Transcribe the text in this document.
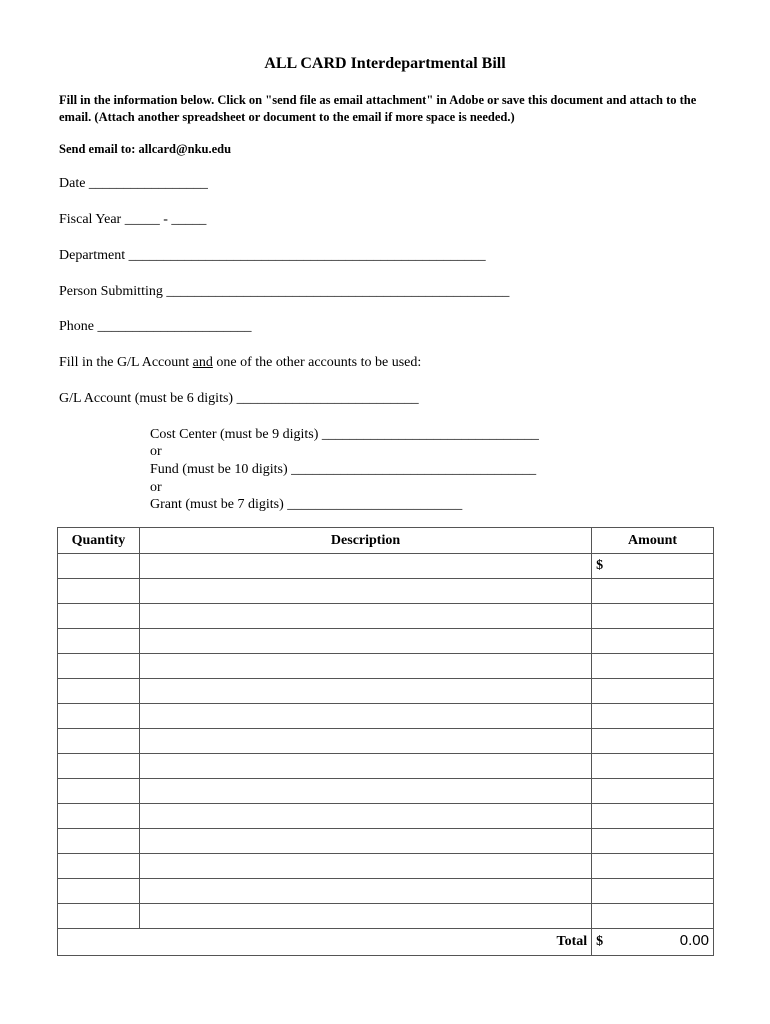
ALL CARD Interdepartmental Bill
Fill in the information below. Click on "send file as email attachment" in Adobe or save this document and attach to the email. (Attach another spreadsheet or document to the email if more space is needed.)
Send email to: allcard@nku.edu
Date _________________
Fiscal Year _____ - _____
Department ___________________________________________________
Person Submitting _________________________________________________
Phone ______________________
Fill in the G/L Account and one of the other accounts to be used:
G/L Account (must be 6 digits) __________________________
Cost Center (must be 9 digits) _______________________________
or
Fund (must be 10 digits) ___________________________________
or
Grant (must be 7 digits) _________________________
Quantity	Description	Amount
		$

Total		$ 0.00
